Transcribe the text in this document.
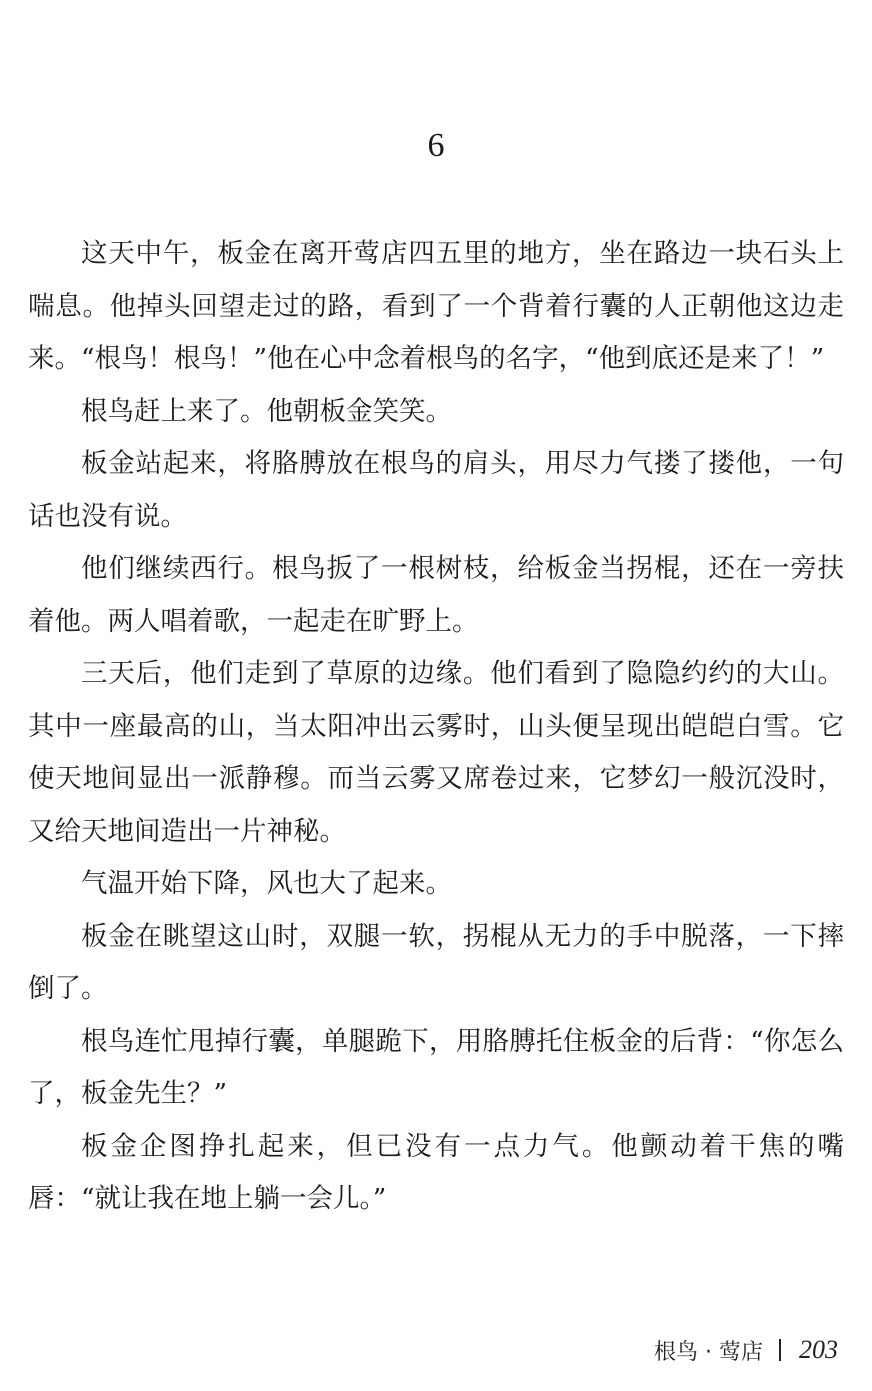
6

这天中午，板金在离开莺店四五里的地方，坐在路边一块石头上喘息。他掉头回望走过的路，看到了一个背着行囊的人正朝他这边走来。“根鸟！根鸟！”他在心中念着根鸟的名字，“他到底还是来了！”

根鸟赶上来了。他朝板金笑笑。

板金站起来，将胳膊放在根鸟的肩头，用尽力气搂了搂他，一句话也没有说。

他们继续西行。根鸟扳了一根树枝，给板金当拐棍，还在一旁扶着他。两人唱着歌，一起走在旷野上。

三天后，他们走到了草原的边缘。他们看到了隐隐约约的大山。其中一座最高的山，当太阳冲出云雾时，山头便呈现出皑皑白雪。它使天地间显出一派静穆。而当云雾又席卷过来，它梦幻一般沉没时，又给天地间造出一片神秘。

气温开始下降，风也大了起来。

板金在眺望这山时，双腿一软，拐棍从无力的手中脱落，一下摔倒了。

根鸟连忙甩掉行囊，单腿跪下，用胳膊托住板金的后背：“你怎么了，板金先生？”

板金企图挣扎起来，但已没有一点力气。他颤动着干焦的嘴唇：“就让我在地上躺一会儿。”

根鸟 · 莺店 203
